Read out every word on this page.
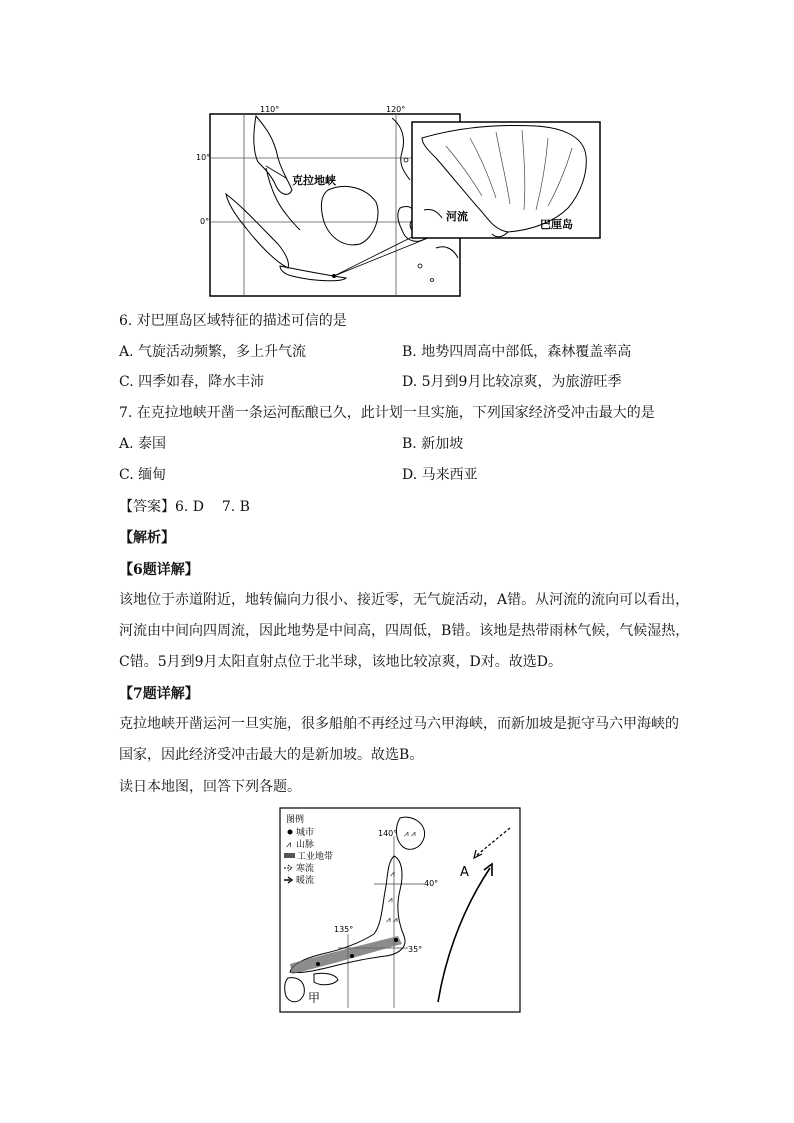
110°	120°
10°
0°
克拉地峡
河流
巴厘岛
6. 对巴厘岛区域特征的描述可信的是
A. 气旋活动频繁，多上升气流	B. 地势四周高中部低，森林覆盖率高
C. 四季如春，降水丰沛	D. 5月到9月比较凉爽，为旅游旺季
7. 在克拉地峡开凿一条运河酝酿已久，此计划一旦实施，下列国家经济受冲击最大的是
A. 泰国	B. 新加坡
C. 缅甸	D. 马来西亚
【答案】6. D    7. B
【解析】
【6题详解】
该地位于赤道附近，地转偏向力很小、接近零，无气旋活动，A错。从河流的流向可以看出，
河流由中间向四周流，因此地势是中间高，四周低，B错。该地是热带雨林气候，气候湿热，
C错。5月到9月太阳直射点位于北半球，该地比较凉爽，D对。故选D。
【7题详解】
克拉地峡开凿运河一旦实施，很多船舶不再经过马六甲海峡，而新加坡是扼守马六甲海峡的
国家，因此经济受冲击最大的是新加坡。故选B。
读日本地图，回答下列各题。
图例
城市
⩘ 山脉
工业地带
寒流
暖流
140°
135°
40°
35°
⩘ ⩘
⩘
⩘
⩘ ⩘
A
甲
